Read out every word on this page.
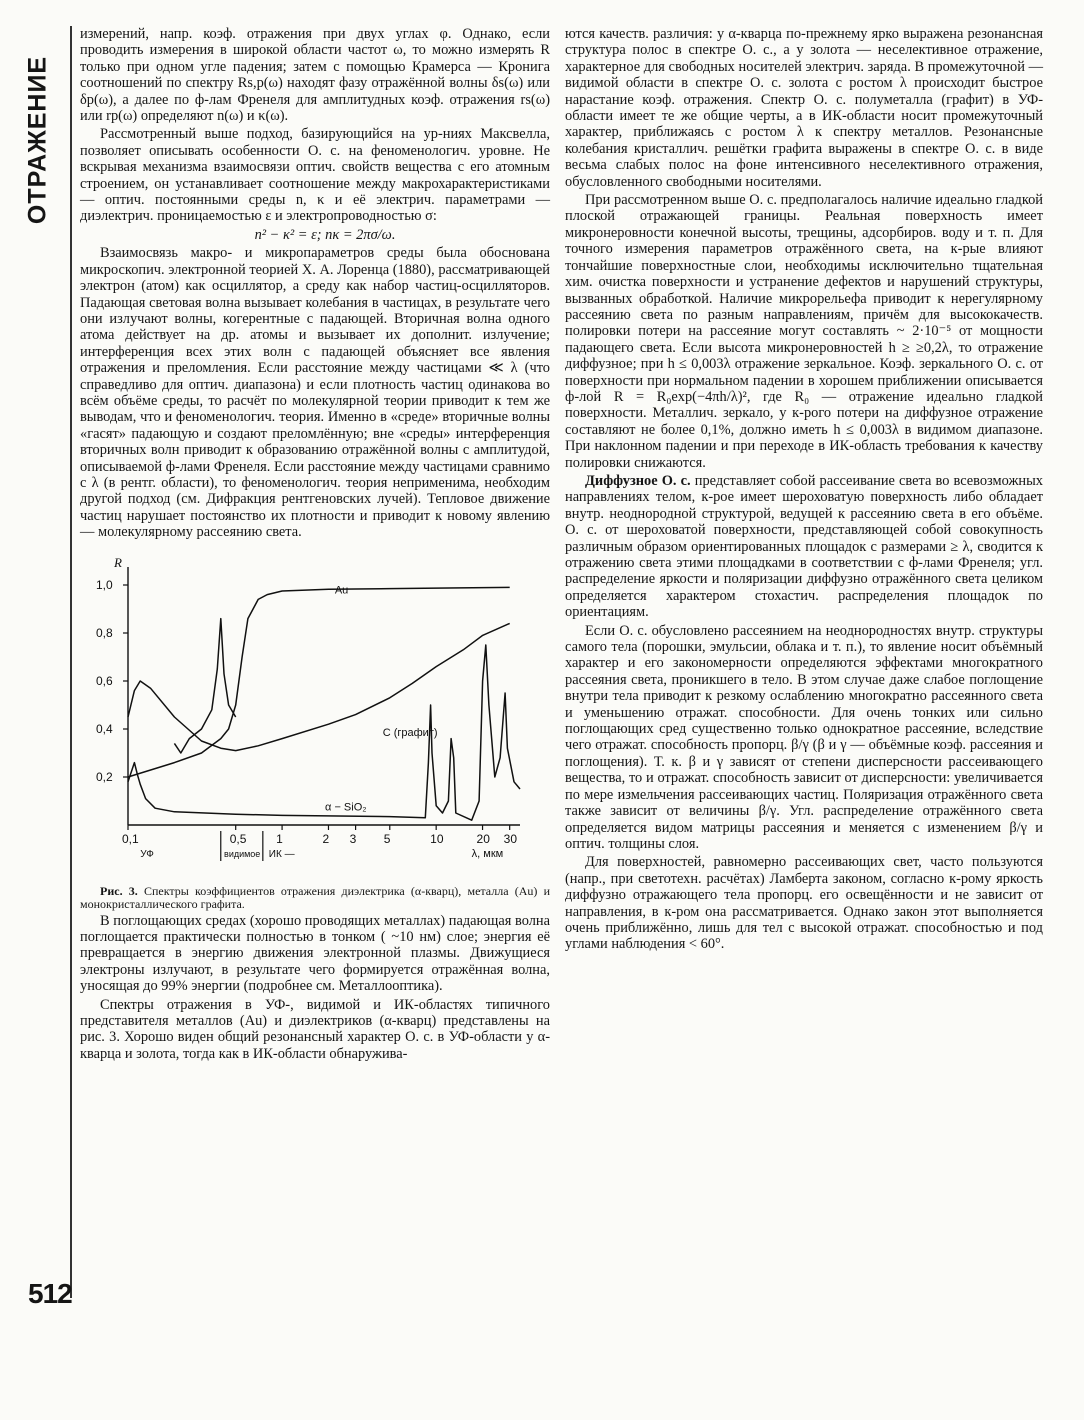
ОТРАЖЕНИЕ
512

измерений, напр. коэф. отражения при двух углах φ. Однако, если проводить измерения в широкой области частот ω, то можно измерять R только при одном угле падения; затем с помощью Крамерса — Кронига соотношений по спектру Rs,p(ω) находят фазу отражённой волны δs(ω) или δp(ω), а далее по ф-лам Френеля для амплитудных коэф. отражения rs(ω) или rp(ω) определяют n(ω) и κ(ω).

Рассмотренный выше подход, базирующийся на ур-ниях Максвелла, позволяет описывать особенности О. с. на феноменологич. уровне. Не вскрывая механизма взаимосвязи оптич. свойств вещества с его атомным строением, он устанавливает соотношение между макрохарактеристиками — оптич. постоянными среды n, κ и её электрич. параметрами — диэлектрич. проницаемостью ε и электропроводностью σ:

n² − κ² = ε; nκ = 2πσ/ω.

Взаимосвязь макро- и микропараметров среды была обоснована микроскопич. электронной теорией Х. А. Лоренца (1880), рассматривающей электрон (атом) как осциллятор, а среду как набор частиц-осцилляторов. Падающая световая волна вызывает колебания в частицах, в результате чего они излучают волны, когерентные с падающей. Вторичная волна одного атома действует на др. атомы и вызывает их дополнит. излучение; интерференция всех этих волн с падающей объясняет все явления отражения и преломления. Если расстояние между частицами ≪ λ (что справедливо для оптич. диапазона) и если плотность частиц одинакова во всём объёме среды, то расчёт по молекулярной теории приводит к тем же выводам, что и феноменологич. теория. Именно в «среде» вторичные волны «гасят» падающую и создают преломлённую; вне «среды» интерференция вторичных волн приводит к образованию отражённой волны с амплитудой, описываемой ф-лами Френеля. Если расстояние между частицами сравнимо с λ (в рентг. области), то феноменологич. теория неприменима, необходим другой подход (см. Дифракция рентгеновских лучей). Тепловое движение частиц нарушает постоянство их плотности и приводит к новому явлению — молекулярному рассеянию света.

R
1,0
0,8
0,6
0,4
0,2
0,1	0,5 1	2 3 5	10	20 30
УФ	видимое ИК —	λ, мкм
Au
C (графит)
α − SiO₂

Рис. 3. Спектры коэффициентов отражения диэлектрика (α-кварц), металла (Au) и монокристаллического графита.

В поглощающих средах (хорошо проводящих металлах) падающая волна поглощается практически полностью в тонком ( ~10 нм) слое; энергия её превращается в энергию движения электронной плазмы. Движущиеся электроны излучают, в результате чего формируется отражённая волна, уносящая до 99% энергии (подробнее см. Металлооптика).

Спектры отражения в УФ-, видимой и ИК-областях типичного представителя металлов (Au) и диэлектриков (α-кварц) представлены на рис. 3. Хорошо виден общий резонансный характер О. с. в УФ-области у α-кварца и золота, тогда как в ИК-области обнаружива-

ются качеств. различия: у α-кварца по-прежнему ярко выражена резонансная структура полос в спектре О. с., а у золота — неселективное отражение, характерное для свободных носителей электрич. заряда. В промежуточной — видимой области в спектре О. с. золота с ростом λ происходит быстрое нарастание коэф. отражения. Спектр О. с. полуметалла (графит) в УФ-области имеет те же общие черты, а в ИК-области носит промежуточный характер, приближаясь с ростом λ к спектру металлов. Резонансные колебания кристаллич. решётки графита выражены в спектре О. с. в виде весьма слабых полос на фоне интенсивного неселективного отражения, обусловленного свободными носителями.

При рассмотренном выше О. с. предполагалось наличие идеально гладкой плоской отражающей границы. Реальная поверхность имеет микронеровности конечной высоты, трещины, адсорбиров. воду и т. п. Для точного измерения параметров отражённого света, на к-рые влияют тончайшие поверхностные слои, необходимы исключительно тщательная хим. очистка поверхности и устранение дефектов и нарушений структуры, вызванных обработкой. Наличие микрорельефа приводит к нерегулярному рассеянию света по разным направлениям, причём для высококачеств. полировки потери на рассеяние могут составлять ~ 2·10⁻⁵ от мощности падающего света. Если высота микронеровностей h ≥ ≥0,2λ, то отражение диффузное; при h ≤ 0,003λ отражение зеркальное. Коэф. зеркального О. с. от поверхности при нормальном падении в хорошем приближении описывается ф-лой R = R₀exp(−4πh/λ)², где R₀ — отражение идеально гладкой поверхности. Металлич. зеркало, у к-рого потери на диффузное отражение составляют не более 0,1%, должно иметь h ≤ 0,003λ в видимом диапазоне. При наклонном падении и при переходе в ИК-область требования к качеству полировки снижаются.

Диффузное О. с. представляет собой рассеивание света во всевозможных направлениях телом, к-рое имеет шероховатую поверхность либо обладает внутр. неоднородной структурой, ведущей к рассеянию света в его объёме. О. с. от шероховатой поверхности, представляющей собой совокупность различным образом ориентированных площадок с размерами ≥ λ, сводится к отражению света этими площадками в соответствии с ф-лами Френеля; угл. распределение яркости и поляризации диффузно отражённого света целиком определяется характером стохастич. распределения площадок по ориентациям.

Если О. с. обусловлено рассеянием на неоднородностях внутр. структуры самого тела (порошки, эмульсии, облака и т. п.), то явление носит объёмный характер и его закономерности определяются эффектами многократного рассеяния света, проникшего в тело. В этом случае даже слабое поглощение внутри тела приводит к резкому ослаблению многократно рассеянного света и уменьшению отражат. способности. Для очень тонких или сильно поглощающих сред существенно только однократное рассеяние, вследствие чего отражат. способность пропорц. β/γ (β и γ — объёмные коэф. рассеяния и поглощения). Т. к. β и γ зависят от степени дисперсности рассеивающего вещества, то и отражат. способность зависит от дисперсности: увеличивается по мере измельчения рассеивающих частиц. Поляризация отражённого света также зависит от величины β/γ. Угл. распределение отражённого света определяется видом матрицы рассеяния и меняется с изменением β/γ и оптич. толщины слоя.

Для поверхностей, равномерно рассеивающих свет, часто пользуются (напр., при светотехн. расчётах) Ламберта законом, согласно к-рому яркость диффузно отражающего тела пропорц. его освещённости и не зависит от направления, в к-ром она рассматривается. Однако закон этот выполняется очень приближённо, лишь для тел с высокой отражат. способностью и под углами наблюдения < 60°.
